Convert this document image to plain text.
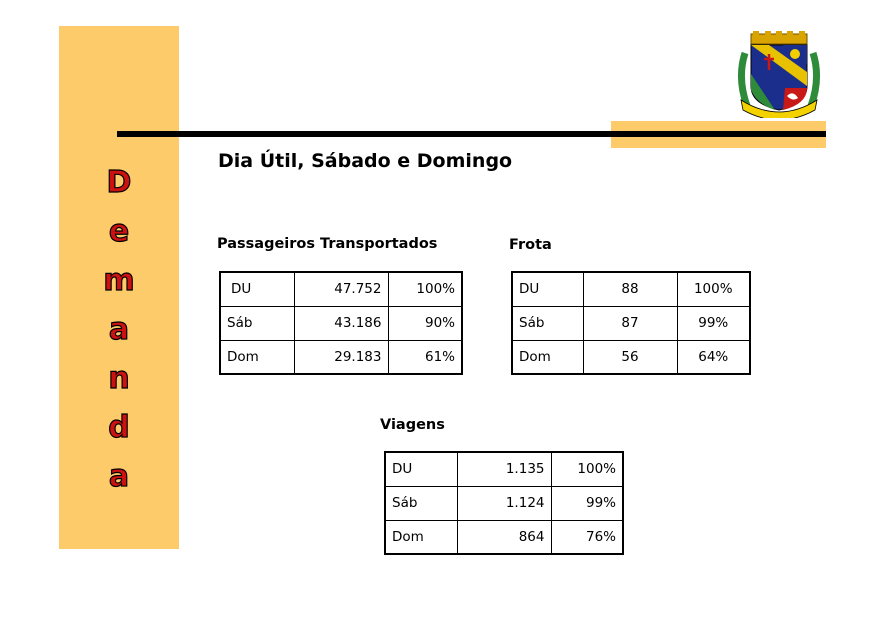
D
e
m
a
n
d
a
Dia Útil, Sábado e Domingo
Passageiros Transportados
DU	47.752	100%
Sáb	43.186	90%
Dom	29.183	61%
Frota
DU	88	100%
Sáb	87	99%
Dom	56	64%
Viagens
DU	1.135	100%
Sáb	1.124	99%
Dom	864	76%
